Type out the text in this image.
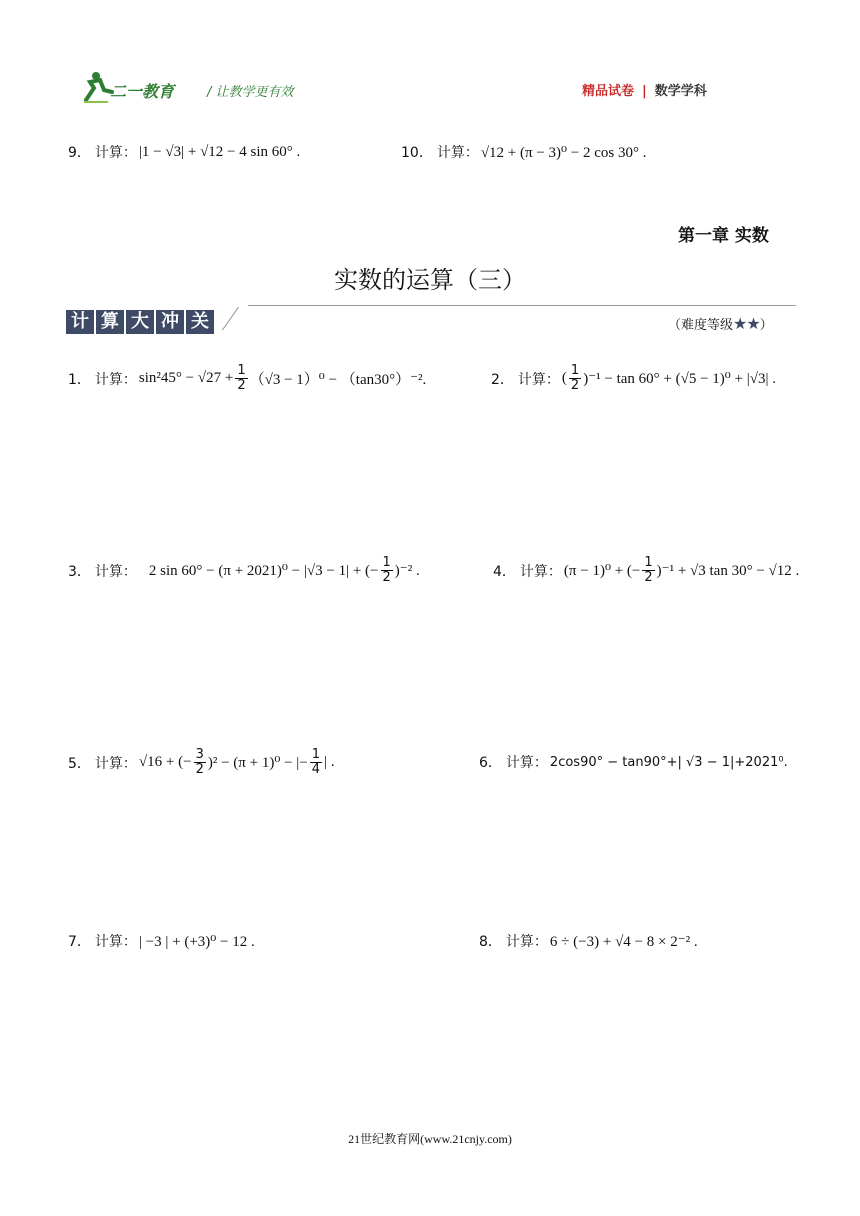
二一教育	/ 让教学更有效	精品试卷 | 数学学科
9． 计算： |1 − √3| + √12 − 4 sin 60° .	10． 计算： √12 + (π − 3)⁰ − 2 cos 30° .
第一章 实数
实数的运算（三）
计 算 大 冲 关	（难度等级★★）
1． 计算： $\sin^245^\circ - √27 + \frac{1}{2} (√3 - 1)^0 - (\tan 30^\circ)^{-2}$.	2． 计算： ( $\frac{1}{2} )^{-1} - \tan 60^\circ + (√5 - 1)^0 + |√3|$ .
3． 计算： 2 sin 60° − (π + 2021)⁰ − |√3 − 1| + (− $\frac{1}{2} )^{-2}$ .	4． 计算： (π − 1)⁰ + (− $\frac{1}{2} )^{-1} + √3$ tan 30° − √12 .
5． 计算： √16 + (− $\frac{3}{2} )^2 - (\pi + 1)^0$ − |− $\frac{1}{4}$ | .	6． 计算： 2cos90° − tan90°+| √3 − 1|+2021⁰.
7． 计算： | −3 | + (+3)⁰ − 12 .	8． 计算： 6 ÷ (−3) + √4 − 8 × 2⁻² .
21世纪教育网(www.21cnjy.com)
